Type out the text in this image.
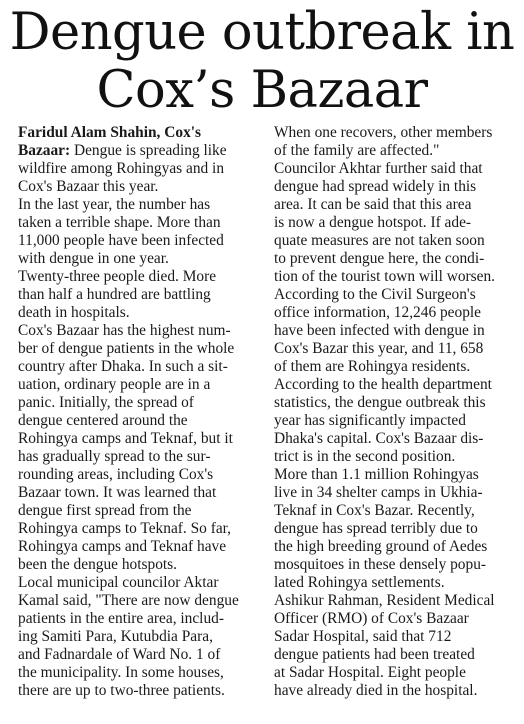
Dengue outbreak in
Cox’s Bazaar
Faridul Alam Shahin, Cox's
Bazaar: Dengue is spreading like
wildfire among Rohingyas and in
Cox's Bazaar this year.
In the last year, the number has
taken a terrible shape. More than
11,000 people have been infected
with dengue in one year.
Twenty-three people died. More
than half a hundred are battling
death in hospitals.
Cox's Bazaar has the highest num-
ber of dengue patients in the whole
country after Dhaka. In such a sit-
uation, ordinary people are in a
panic. Initially, the spread of
dengue centered around the
Rohingya camps and Teknaf, but it
has gradually spread to the sur-
rounding areas, including Cox's
Bazaar town. It was learned that
dengue first spread from the
Rohingya camps to Teknaf. So far,
Rohingya camps and Teknaf have
been the dengue hotspots.
Local municipal councilor Aktar
Kamal said, "There are now dengue
patients in the entire area, includ-
ing Samiti Para, Kutubdia Para,
and Fadnardale of Ward No. 1 of
the municipality. In some houses,
there are up to two-three patients.
When one recovers, other members
of the family are affected."
Councilor Akhtar further said that
dengue had spread widely in this
area. It can be said that this area
is now a dengue hotspot. If ade-
quate measures are not taken soon
to prevent dengue here, the condi-
tion of the tourist town will worsen.
According to the Civil Surgeon's
office information, 12,246 people
have been infected with dengue in
Cox's Bazar this year, and 11, 658
of them are Rohingya residents.
According to the health department
statistics, the dengue outbreak this
year has significantly impacted
Dhaka's capital. Cox's Bazaar dis-
trict is in the second position.
More than 1.1 million Rohingyas
live in 34 shelter camps in Ukhia-
Teknaf in Cox's Bazar. Recently,
dengue has spread terribly due to
the high breeding ground of Aedes
mosquitoes in these densely popu-
lated Rohingya settlements.
Ashikur Rahman, Resident Medical
Officer (RMO) of Cox's Bazaar
Sadar Hospital, said that 712
dengue patients had been treated
at Sadar Hospital. Eight people
have already died in the hospital.
